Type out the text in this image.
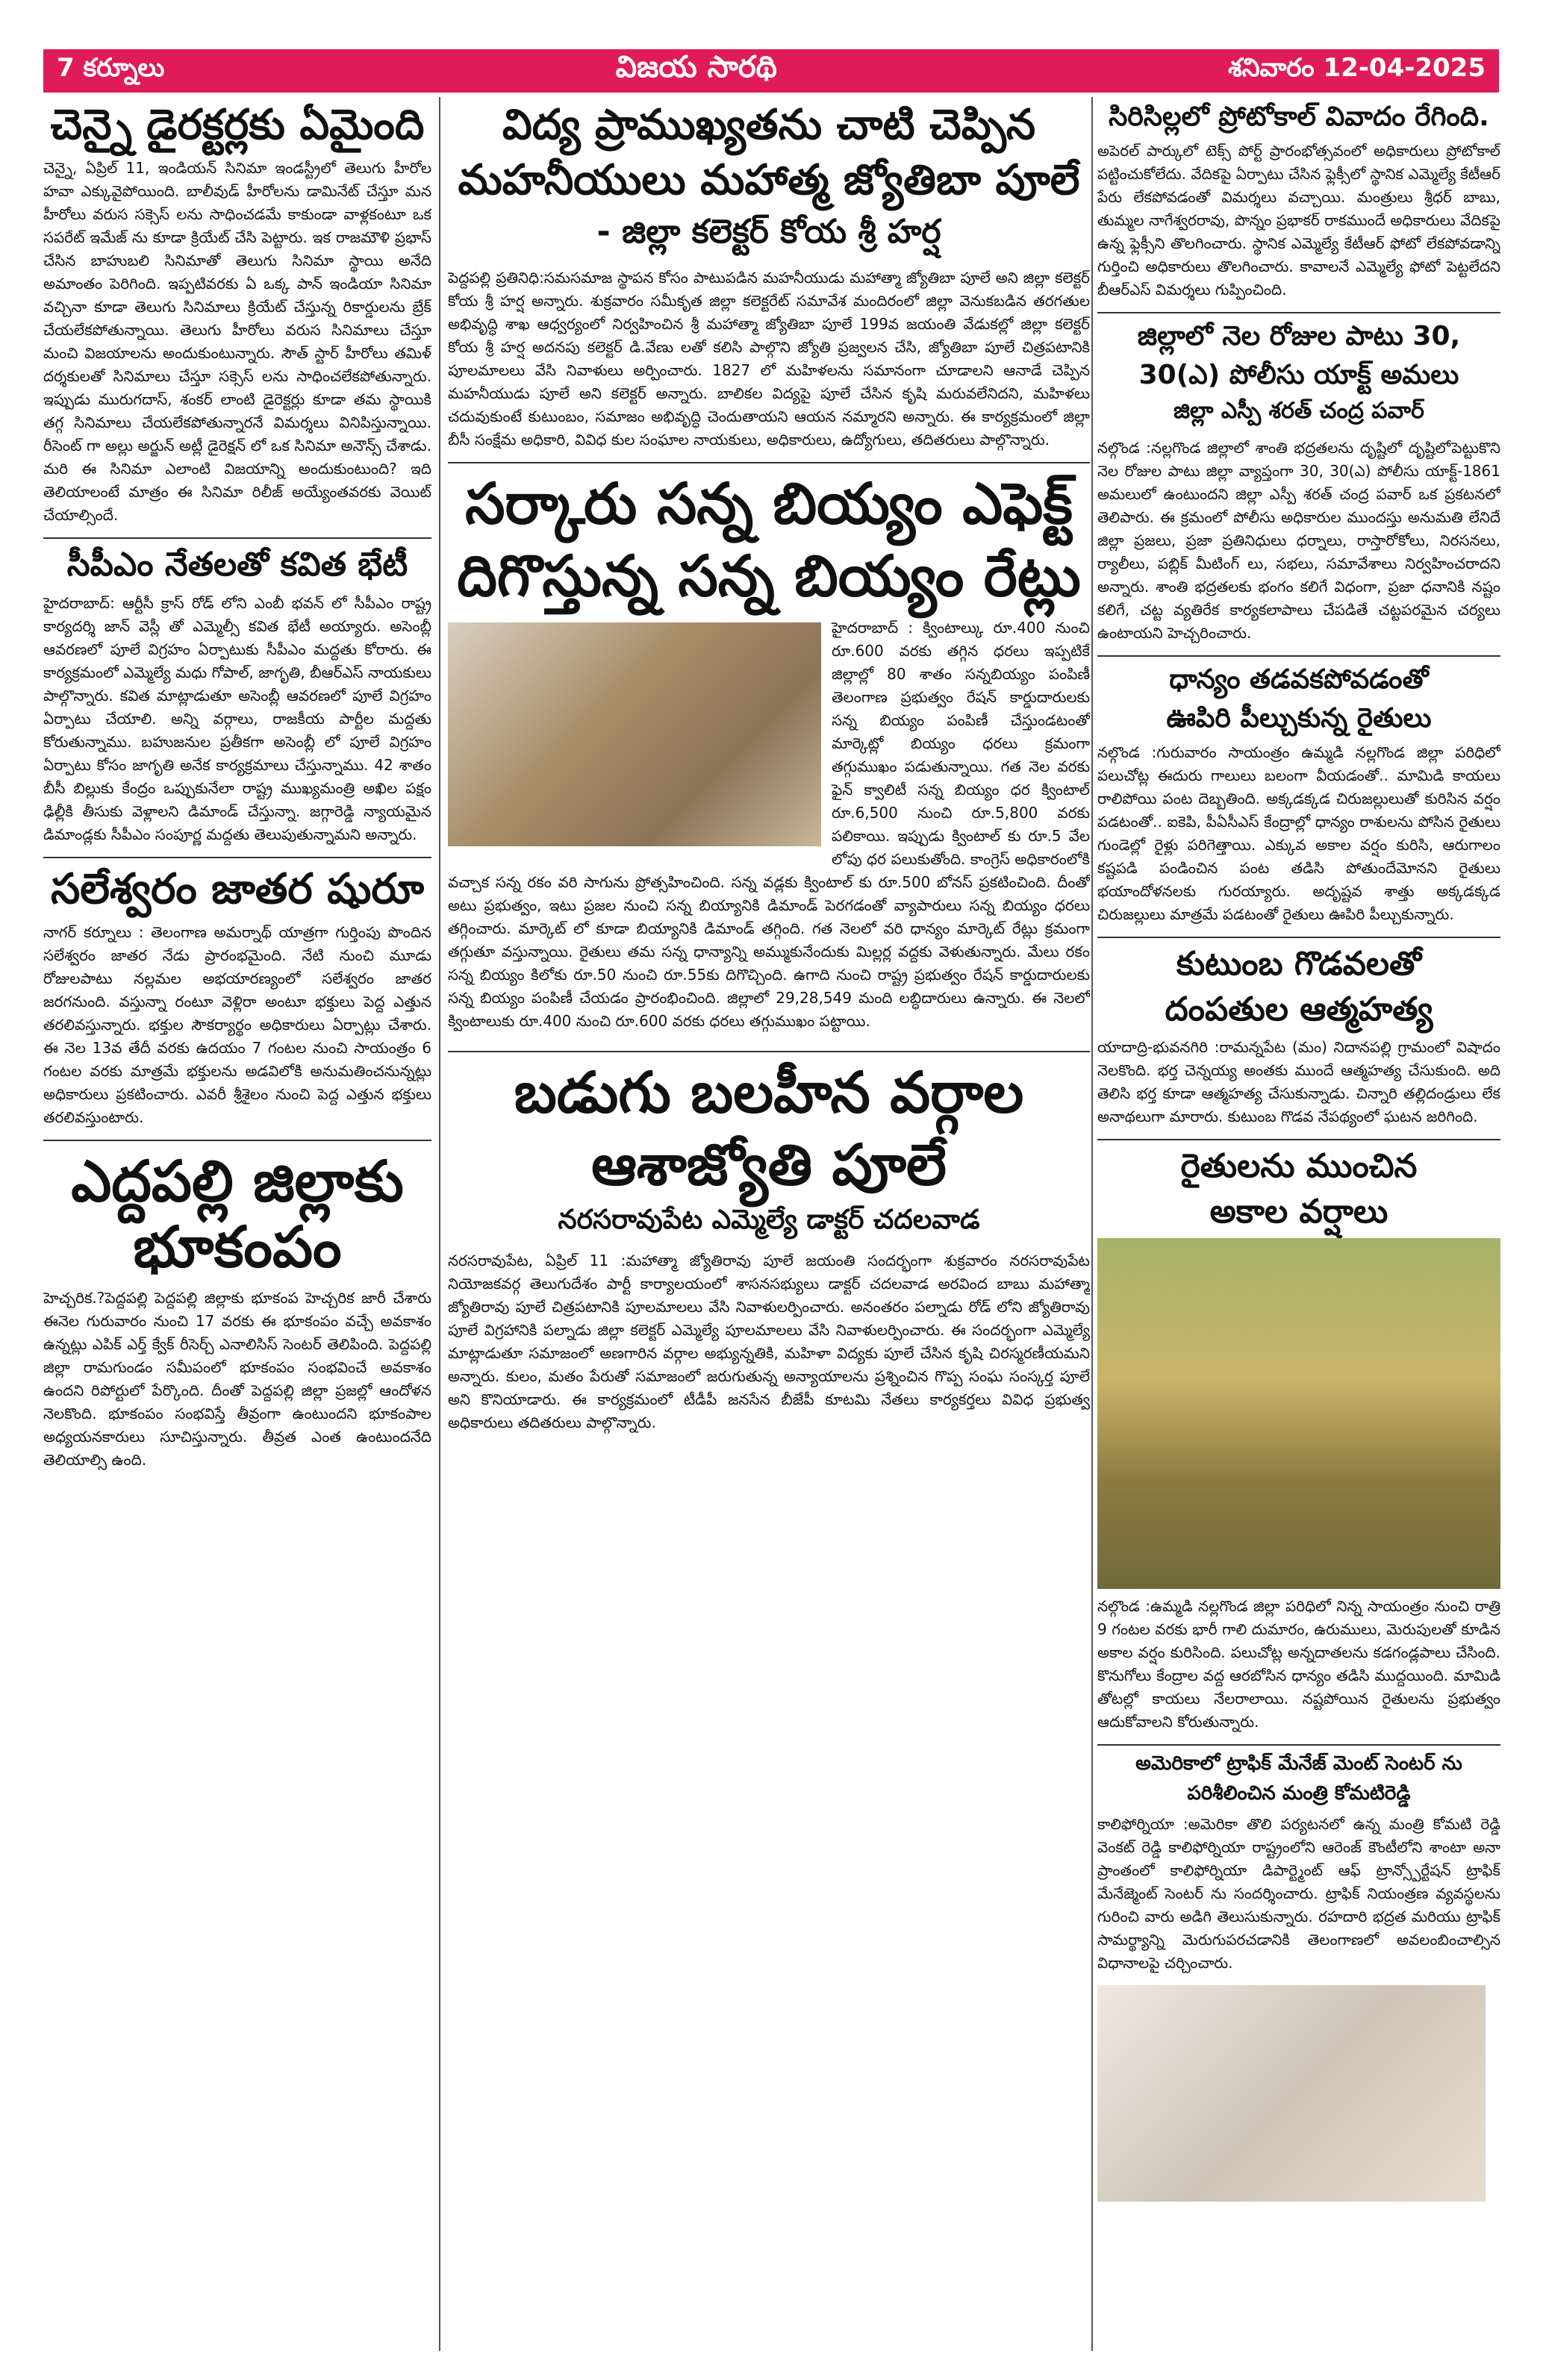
7 కర్నూలు	విజయ సారథి	శనివారం 12-04-2025
చెన్నై డైరక్టర్లకు ఏమైంది

చెన్నై, ఏప్రిల్ 11, ఇండియన్ సినిమా ఇండస్ట్రీలో తెలుగు హీరోల హవా ఎక్కువైపోయింది. బాలీవుడ్ హీరోలను డామినేట్ చేస్తూ మన హీరోలు వరుస సక్సెస్ లను సాధించడమే కాకుండా వాళ్లకంటూ ఒక సపరేట్ ఇమేజ్ ను కూడా క్రియేట్ చేసి పెట్టారు. ఇక రాజమౌళి ప్రభాస్ చేసిన బాహుబలి సినిమాతో తెలుగు సినిమా స్థాయి అనేది అమాంతం పెరిగింది. ఇప్పటివరకు ఏ ఒక్క పాన్ ఇండియా సినిమా వచ్చినా కూడా తెలుగు సినిమాలు క్రియేట్ చేస్తున్న రికార్డులను బ్రేక్ చేయలేకపోతున్నాయి. తెలుగు హీరోలు వరుస సినిమాలు చేస్తూ మంచి విజయాలను అందుకుంటున్నారు. సౌత్ స్టార్ హీరోలు తమిళ్ దర్శకులతో సినిమాలు చేస్తూ సక్సెస్ లను సాధించలేకపోతున్నారు. ఇప్పుడు మురుగదాస్, శంకర్ లాంటి డైరెక్టర్లు కూడా తమ స్థాయికి తగ్గ సినిమాలు చేయలేకపోతున్నారనే విమర్శలు వినిపిస్తున్నాయి. రీసెంట్ గా అల్లు అర్జున్ అట్లీ డైరెక్షన్ లో ఒక సినిమా అనౌన్స్ చేశాడు. మరి ఈ సినిమా ఎలాంటి విజయాన్ని అందుకుంటుంది? ఇది తెలియాలంటే మాత్రం ఈ సినిమా రిలీజ్ అయ్యేంతవరకు వెయిట్ చేయాల్సిందే.

సీపీఎం నేతలతో కవిత భేటీ

హైదరాబాద్: ఆర్టీసీ క్రాస్ రోడ్ లోని ఎంబీ భవన్ లో సీపీఎం రాష్ట్ర కార్యదర్శి జాన్ వెస్లీ తో ఎమ్మెల్సీ కవిత భేటీ అయ్యారు. అసెంబ్లీ ఆవరణలో పూలే విగ్రహం ఏర్పాటుకు సీపీఎం మద్దతు కోరారు. ఈ కార్యక్రమంలో ఎమ్మెల్యే మధు గోపాల్, జాగృతి, బీఆర్ఎస్ నాయకులు పాల్గొన్నారు. కవిత మాట్లాడుతూ అసెంబ్లీ ఆవరణలో పూలే విగ్రహం ఏర్పాటు చేయాలి. అన్ని వర్గాలు, రాజకీయ పార్టీల మద్దతు కోరుతున్నాము. బహుజనుల ప్రతీకగా అసెంబ్లీ లో పూలే విగ్రహం ఏర్పాటు కోసం జాగృతి అనేక కార్యక్రమాలు చేస్తున్నాము. 42 శాతం బీసీ బిల్లుకు కేంద్రం ఒప్పుకునేలా రాష్ట్ర ముఖ్యమంత్రి అఖిల పక్షం ఢిల్లీకి తీసుకు వెళ్లాలని డిమాండ్ చేస్తున్నా. జగ్గారెడ్డి న్యాయమైన డిమాండ్లకు సీపీఎం సంపూర్ణ మద్దతు తెలుపుతున్నామని అన్నారు.

సలేశ్వరం జాతర షురూ

నాగర్ కర్నూలు : తెలంగాణ అమర్నాథ్ యాత్రగా గుర్తింపు పొందిన సలేశ్వరం జాతర నేడు ప్రారంభమైంది. నేటి నుంచి మూడు రోజులపాటు నల్లమల అభయారణ్యంలో సలేశ్వరం జాతర జరగనుంది. వస్తున్నా రంటూ వెళ్లిరా అంటూ భక్తులు పెద్ద ఎత్తున తరలివస్తున్నారు. భక్తుల సౌకర్యార్థం అధికారులు ఏర్పాట్లు చేశారు. ఈ నెల 13వ తేదీ వరకు ఉదయం 7 గంటల నుంచి సాయంత్రం 6 గంటల వరకు మాత్రమే భక్తులను అడవిలోకి అనుమతించనున్నట్లు అధికారులు ప్రకటించారు. ఎవరీ శ్రీశైలం నుంచి పెద్ద ఎత్తున భక్తులు తరలివస్తుంటారు.

ఎద్దపల్లి జిల్లాకు భూకంపం

హెచ్చరిక.?పెద్దపల్లి పెద్దపల్లి జిల్లాకు భూకంప హెచ్చరిక జారీ చేశారు ఈనెల గురువారం నుంచి 17 వరకు ఈ భూకంపం వచ్చే అవకాశం ఉన్నట్లు ఎపిక్ ఎర్త్ క్వేక్ రీసెర్చ్ ఎనాలిసిస్ సెంటర్ తెలిపింది. పెద్దపల్లి జిల్లా రామగుండం సమీపంలో భూకంపం సంభవించే అవకాశం ఉందని రిపోర్టులో పేర్కొంది. దీంతో పెద్దపల్లి జిల్లా ప్రజల్లో ఆందోళన నెలకొంది. భూకంపం సంభవిస్తే తీవ్రంగా ఉంటుందని భూకంపాల అధ్యయనకారులు సూచిస్తున్నారు. తీవ్రత ఎంత ఉంటుందనేది తెలియాల్సి ఉంది.

విద్య ప్రాముఖ్యతను చాటి చెప్పిన
మహనీయులు మహాత్మ జ్యోతిబా పూలే
- జిల్లా కలెక్టర్ కోయ శ్రీ హర్ష

పెద్దపల్లి ప్రతినిధి:సమసమాజ స్థాపన కోసం పాటుపడిన మహనీయుడు మహాత్మా జ్యోతిబా పూలే అని జిల్లా కలెక్టర్ కోయ శ్రీ హర్ష అన్నారు. శుక్రవారం సమీకృత జిల్లా కలెక్టరేట్ సమావేశ మందిరంలో జిల్లా వెనుకబడిన తరగతుల అభివృద్ధి శాఖ ఆధ్వర్యంలో నిర్వహించిన శ్రీ మహాత్మా జ్యోతిబా పూలే 199వ జయంతి వేడుకల్లో జిల్లా కలెక్టర్ కోయ శ్రీ హర్ష అదనపు కలెక్టర్ డి.వేణు లతో కలిసి పాల్గొని జ్యోతి ప్రజ్వలన చేసి, జ్యోతిబా పూలే చిత్రపటానికి పూలమాలలు వేసి నివాళులు అర్పించారు. 1827 లో మహిళలను సమానంగా చూడాలని ఆనాడే చెప్పిన మహనీయుడు పూలే అని కలెక్టర్ అన్నారు. బాలికల విద్యపై పూలే చేసిన కృషి మరువలేనిదని, మహిళలు చదువుకుంటే కుటుంబం, సమాజం అభివృద్ధి చెందుతాయని ఆయన నమ్మారని అన్నారు. ఈ కార్యక్రమంలో జిల్లా బీసీ సంక్షేమ అధికారి, వివిధ కుల సంఘాల నాయకులు, అధికారులు, ఉద్యోగులు, తదితరులు పాల్గొన్నారు.

సర్కారు సన్న బియ్యం ఎఫెక్ట్
దిగొస్తున్న సన్న బియ్యం రేట్లు

హైదరాబాద్ : క్వింటాల్కు రూ.400 నుంచి రూ.600 వరకు తగ్గిన ధరలు ఇప్పటికే జిల్లాల్లో 80 శాతం సన్నబియ్యం పంపిణీ తెలంగాణ ప్రభుత్వం రేషన్ కార్డుదారులకు సన్న బియ్యం పంపిణీ చేస్తుండటంతో మార్కెట్లో బియ్యం ధరలు క్రమంగా తగ్గుముఖం పడుతున్నాయి. గత నెల వరకు ఫైన్ క్వాలిటీ సన్న బియ్యం ధర క్వింటాల్ రూ.6,500 నుంచి రూ.5,800 వరకు పలికాయి. ఇప్పుడు క్వింటాల్ కు రూ.5 వేల లోపు ధర పలుకుతోంది. కాంగ్రెస్ అధికారంలోకి వచ్చాక సన్న రకం వరి సాగును ప్రోత్సహించింది. సన్న వడ్లకు క్వింటాల్ కు రూ.500 బోనస్ ప్రకటించింది. దీంతో అటు ప్రభుత్వం, ఇటు ప్రజల నుంచి సన్న బియ్యానికి డిమాండ్ పెరగడంతో వ్యాపారులు సన్న బియ్యం ధరలు తగ్గించారు. మార్కెట్ లో కూడా బియ్యానికి డిమాండ్ తగ్గింది. గత నెలలో వరి ధాన్యం మార్కెట్ రేట్లు క్రమంగా తగ్గుతూ వస్తున్నాయి. రైతులు తమ సన్న ధాన్యాన్ని అమ్ముకునేందుకు మిల్లర్ల వద్దకు వెళుతున్నారు. మేలు రకం సన్న బియ్యం కిలోకు రూ.50 నుంచి రూ.55కు దిగొచ్చింది. ఉగాది నుంచి రాష్ట్ర ప్రభుత్వం రేషన్ కార్డుదారులకు సన్న బియ్యం పంపిణీ చేయడం ప్రారంభించింది. జిల్లాలో 29,28,549 మంది లబ్ధిదారులు ఉన్నారు. ఈ నెలలో క్వింటాలుకు రూ.400 నుంచి రూ.600 వరకు ధరలు తగ్గుముఖం పట్టాయి.

బడుగు బలహీన వర్గాల
ఆశాజ్యోతి పూలే
నరసరావుపేట ఎమ్మెల్యే డాక్టర్ చదలవాడ

నరసరావుపేట, ఏప్రిల్ 11 :మహాత్మా జ్యోతిరావు పూలే జయంతి సందర్భంగా శుక్రవారం నరసరావుపేట నియోజకవర్గ తెలుగుదేశం పార్టీ కార్యాలయంలో శాసనసభ్యులు డాక్టర్ చదలవాడ అరవింద బాబు మహాత్మా జ్యోతిరావు పూలే చిత్రపటానికి పూలమాలలు వేసి నివాళులర్పించారు. అనంతరం పల్నాడు రోడ్ లోని జ్యోతిరావు పూలే విగ్రహానికి పల్నాడు జిల్లా కలెక్టర్ ఎమ్మెల్యే పూలమాలలు వేసి నివాళులర్పించారు. ఈ సందర్భంగా ఎమ్మెల్యే మాట్లాడుతూ సమాజంలో అణగారిన వర్గాల అభ్యున్నతికి, మహిళా విద్యకు పూలే చేసిన కృషి చిరస్మరణీయమని అన్నారు. కులం, మతం పేరుతో సమాజంలో జరుగుతున్న అన్యాయాలను ప్రశ్నించిన గొప్ప సంఘ సంస్కర్త పూలే అని కొనియాడారు. ఈ కార్యక్రమంలో టీడీపీ జనసేన బీజేపీ కూటమి నేతలు కార్యకర్తలు వివిధ ప్రభుత్వ అధికారులు తదితరులు పాల్గొన్నారు.

సిరిసిల్లలో ప్రోటోకాల్ వివాదం రేగింది.

అపెరల్ పార్కులో టెక్స్ పోర్ట్ ప్రారంభోత్సవంలో అధికారులు ప్రోటోకాల్ పట్టించుకోలేదు. వేదికపై ఏర్పాటు చేసిన ఫ్లెక్సీలో స్థానిక ఎమ్మెల్యే కేటీఆర్ పేరు లేకపోవడంతో విమర్శలు వచ్చాయి. మంత్రులు శ్రీధర్ బాబు, తుమ్మల నాగేశ్వరరావు, పొన్నం ప్రభాకర్ రాకముందే అధికారులు వేదికపై ఉన్న ఫ్లెక్సీని తొలగించారు. స్థానిక ఎమ్మెల్యే కేటీఆర్ ఫోటో లేకపోవడాన్ని గుర్తించి అధికారులు తొలగించారు. కావాలనే ఎమ్మెల్యే ఫోటో పెట్టలేదని బీఆర్ఎస్ విమర్శలు గుప్పించింది.

జిల్లాలో నెల రోజుల పాటు 30,
30(ఎ) పోలీసు యాక్ట్ అమలు
జిల్లా ఎస్పీ శరత్ చంద్ర పవార్

నల్గొండ :నల్లగొండ జిల్లాలో శాంతి భద్రతలను దృష్టిలో దృష్టిలోపెట్టుకొని నెల రోజుల పాటు జిల్లా వ్యాప్తంగా 30, 30(ఎ) పోలీసు యాక్ట్-1861 అమలులో ఉంటుందని జిల్లా ఎస్పీ శరత్ చంద్ర పవార్ ఒక ప్రకటనలో తెలిపారు. ఈ క్రమంలో పోలీసు అధికారుల ముందస్తు అనుమతి లేనిదే జిల్లా ప్రజలు, ప్రజా ప్రతినిధులు ధర్నాలు, రాస్తారోకోలు, నిరసనలు, ర్యాలీలు, పబ్లిక్ మీటింగ్ లు, సభలు, సమావేశాలు నిర్వహించరాదని అన్నారు. శాంతి భద్రతలకు భంగం కలిగే విధంగా, ప్రజా ధనానికి నష్టం కలిగే, చట్ట వ్యతిరేక కార్యకలాపాలు చేపడితే చట్టపరమైన చర్యలు ఉంటాయని హెచ్చరించారు.

ధాన్యం తడవకపోవడంతో
ఊపిరి పీల్చుకున్న రైతులు

నల్గొండ :గురువారం సాయంత్రం ఉమ్మడి నల్లగొండ జిల్లా పరిధిలో పలుచోట్ల ఈదురు గాలులు బలంగా వీయడంతో.. మామిడి కాయలు రాలిపోయి పంట దెబ్బతింది. అక్కడక్కడ చిరుజల్లులుతో కురిసిన వర్షం పడటంతో.. ఐకెపి, పీఏసీఎస్ కేంద్రాల్లో ధాన్యం రాశులను పోసిన రైతులు గుండెల్లో రైళ్లు పరిగెత్తాయి. ఎక్కువ అకాల వర్షం కురిసి, ఆరుగాలం కష్టపడి పండించిన పంట తడిసి పోతుందేమోనని రైతులు భయాందోళనలకు గురయ్యారు. అదృష్టవ శాత్తు అక్కడక్కడ చిరుజల్లులు మాత్రమే పడటంతో రైతులు ఊపిరి పీల్చుకున్నారు.

కుటుంబ గొడవలతో
దంపతుల ఆత్మహత్య

యాదాద్రి-భువనగిరి :రామన్నపేట (మం) నిదానపల్లి గ్రామంలో విషాదం నెలకొంది. భర్త చెన్నయ్య అంతకు ముందే ఆత్మహత్య చేసుకుంది. అది తెలిసి భర్త కూడా ఆత్మహత్య చేసుకున్నాడు. చిన్నారి తల్లిదండ్రులు లేక అనాథలుగా మారారు. కుటుంబ గొడవ నేపథ్యంలో ఘటన జరిగింది.

రైతులను ముంచిన
అకాల వర్షాలు

నల్గొండ :ఉమ్మడి నల్లగొండ జిల్లా పరిధిలో నిన్న సాయంత్రం నుంచి రాత్రి 9 గంటల వరకు భారీ గాలి దుమారం, ఉరుములు, మెరుపులతో కూడిన అకాల వర్షం కురిసింది. పలుచోట్ల అన్నదాతలను కడగండ్లపాలు చేసింది. కొనుగోలు కేంద్రాల వద్ద ఆరబోసిన ధాన్యం తడిసి ముద్దయింది. మామిడి తోటల్లో కాయలు నేలరాలాయి. నష్టపోయిన రైతులను ప్రభుత్వం ఆదుకోవాలని కోరుతున్నారు.

అమెరికాలో ట్రాఫిక్ మేనేజ్ మెంట్ సెంటర్ ను
పరిశీలించిన మంత్రి కోమటిరెడ్డి

కాలిఫోర్నియా :అమెరికా తొలి పర్యటనలో ఉన్న మంత్రి కోమటి రెడ్డి వెంకట్ రెడ్డి కాలిఫోర్నియా రాష్ట్రంలోని ఆరెంజ్ కౌంటీలోని శాంటా అనా ప్రాంతంలో కాలిఫోర్నియా డిపార్ట్మెంట్ ఆఫ్ ట్రాన్స్పోర్టేషన్ ట్రాఫిక్ మేనేజ్మెంట్ సెంటర్ ను సందర్శించారు. ట్రాఫిక్ నియంత్రణ వ్యవస్థలను గురించి వారు అడిగి తెలుసుకున్నారు. రహదారి భద్రత మరియు ట్రాఫిక్ సామర్థ్యాన్ని మెరుగుపరచడానికి తెలంగాణలో అవలంబించాల్సిన విధానాలపై చర్చించారు.
